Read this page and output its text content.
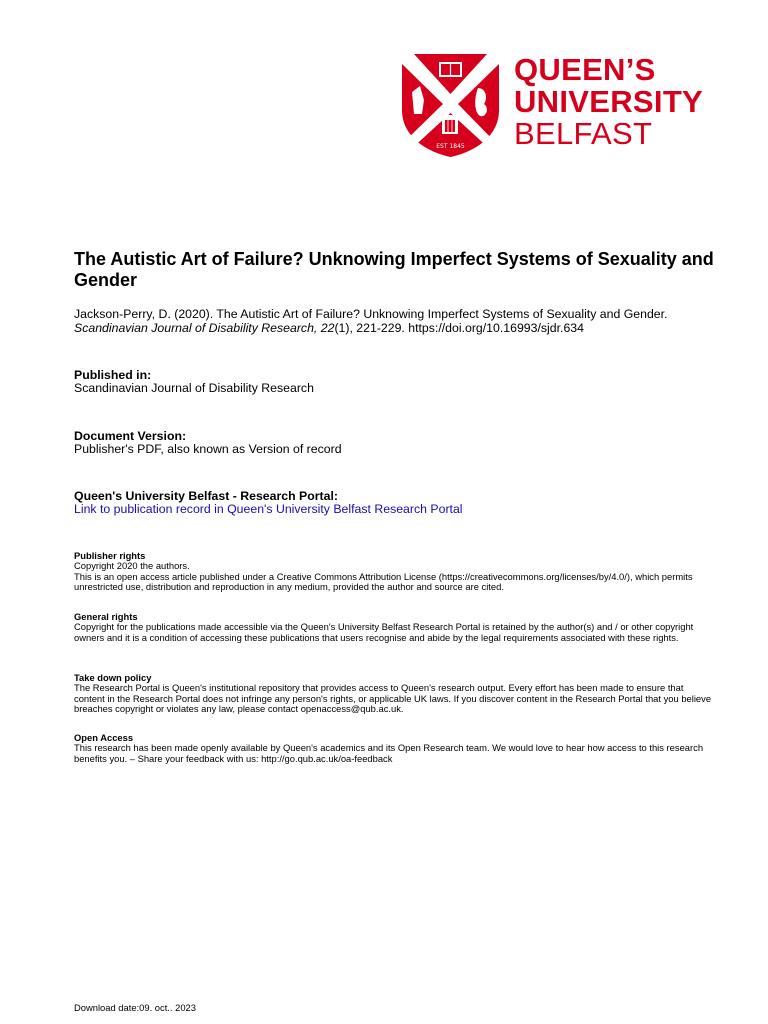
EST 1845
QUEEN’S
UNIVERSITY
BELFAST
The Autistic Art of Failure? Unknowing Imperfect Systems of Sexuality and Gender
Jackson-Perry, D. (2020). The Autistic Art of Failure? Unknowing Imperfect Systems of Sexuality and Gender.
Scandinavian Journal of Disability Research, 22(1), 221-229. https://doi.org/10.16993/sjdr.634
Published in:
Scandinavian Journal of Disability Research
Document Version:
Publisher's PDF, also known as Version of record
Queen's University Belfast - Research Portal:
Link to publication record in Queen's University Belfast Research Portal
Publisher rights
Copyright 2020 the authors.
This is an open access article published under a Creative Commons Attribution License (https://creativecommons.org/licenses/by/4.0/), which permits unrestricted use, distribution and reproduction in any medium, provided the author and source are cited.
General rights
Copyright for the publications made accessible via the Queen's University Belfast Research Portal is retained by the author(s) and / or other copyright owners and it is a condition of accessing these publications that users recognise and abide by the legal requirements associated with these rights.
Take down policy
The Research Portal is Queen's institutional repository that provides access to Queen's research output. Every effort has been made to ensure that content in the Research Portal does not infringe any person's rights, or applicable UK laws. If you discover content in the Research Portal that you believe breaches copyright or violates any law, please contact openaccess@qub.ac.uk.
Open Access
This research has been made openly available by Queen's academics and its Open Research team. We would love to hear how access to this research benefits you. – Share your feedback with us: http://go.qub.ac.uk/oa-feedback
Download date:09. oct.. 2023
